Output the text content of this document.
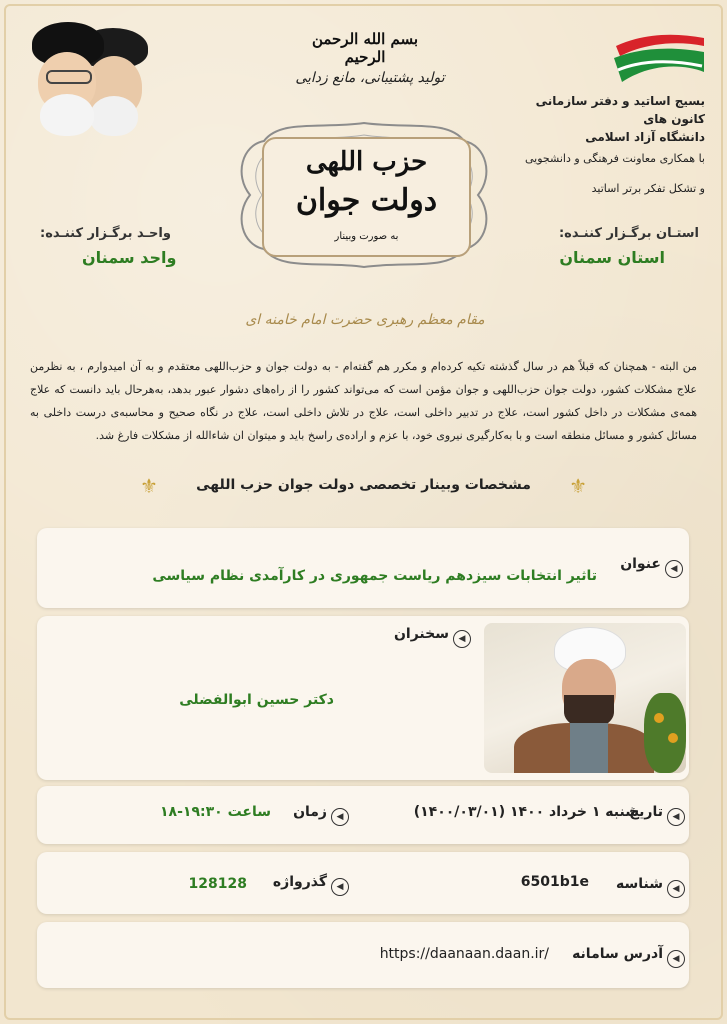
بسم الله الرحمن الرحیم
تولید پشتیبانی، مانع زدایی
حزب اللهی
دولت جوان
به صورت وبینار
بسیج اساتید و دفتر سازمانی کانون های
دانشگاه آزاد اسلامی
با همکاری معاونت فرهنگی و دانشجویی
و تشکل تفکر برتر اساتید
استـان برگـزار کننـده:
استان سمنان
واحـد برگـزار کننـده:
واحد سمنان
مقام معظم رهبری حضرت امام خامنه ای
من البته - همچنان که قبلاً هم در سال گذشته تکیه کرده‌ام و مکرر هم گفته‌ام - به دولت جوان و حزب‌اللهی معتقدم و به آن امیدوارم ، به نظرمن علاج مشکلات کشور، دولت جوان حزب‌اللهی و جوان مؤمن است که می‌تواند کشور را از راه‌های دشوار عبور بدهد، به‌هرحال باید دانست که علاج همه‌ی مشکلات در داخل کشور است، علاج در تدبیر داخلی است، علاج در تلاش داخلی است، علاج در نگاه صحیح و محاسبه‌ی درست داخلی به مسائل کشور و مسائل منطقه است و با به‌کارگیری نیروی خود، با عزم و اراده‌ی راسخ باید و میتوان ان شاءالله از مشکلات فارغ شد.
⚜	مشخصات وبینار تخصصی دولت جوان حزب اللهی	⚜
◀عنوان
تاثیر انتخابات سیزدهم ریاست جمهوری در کارآمدی نظام سیاسی
◀سخنران
دکتر حسین ابوالفضلی
◀تاریخ
شنبه ۱ خرداد ۱۴۰۰ (۱۴۰۰/۰۳/۰۱)
◀زمان
ساعت ۱۹:۳۰-۱۸
◀شناسه
6501b1e
◀گذرواژه
128128
◀آدرس سامانه
https://daanaan.daan.ir/
